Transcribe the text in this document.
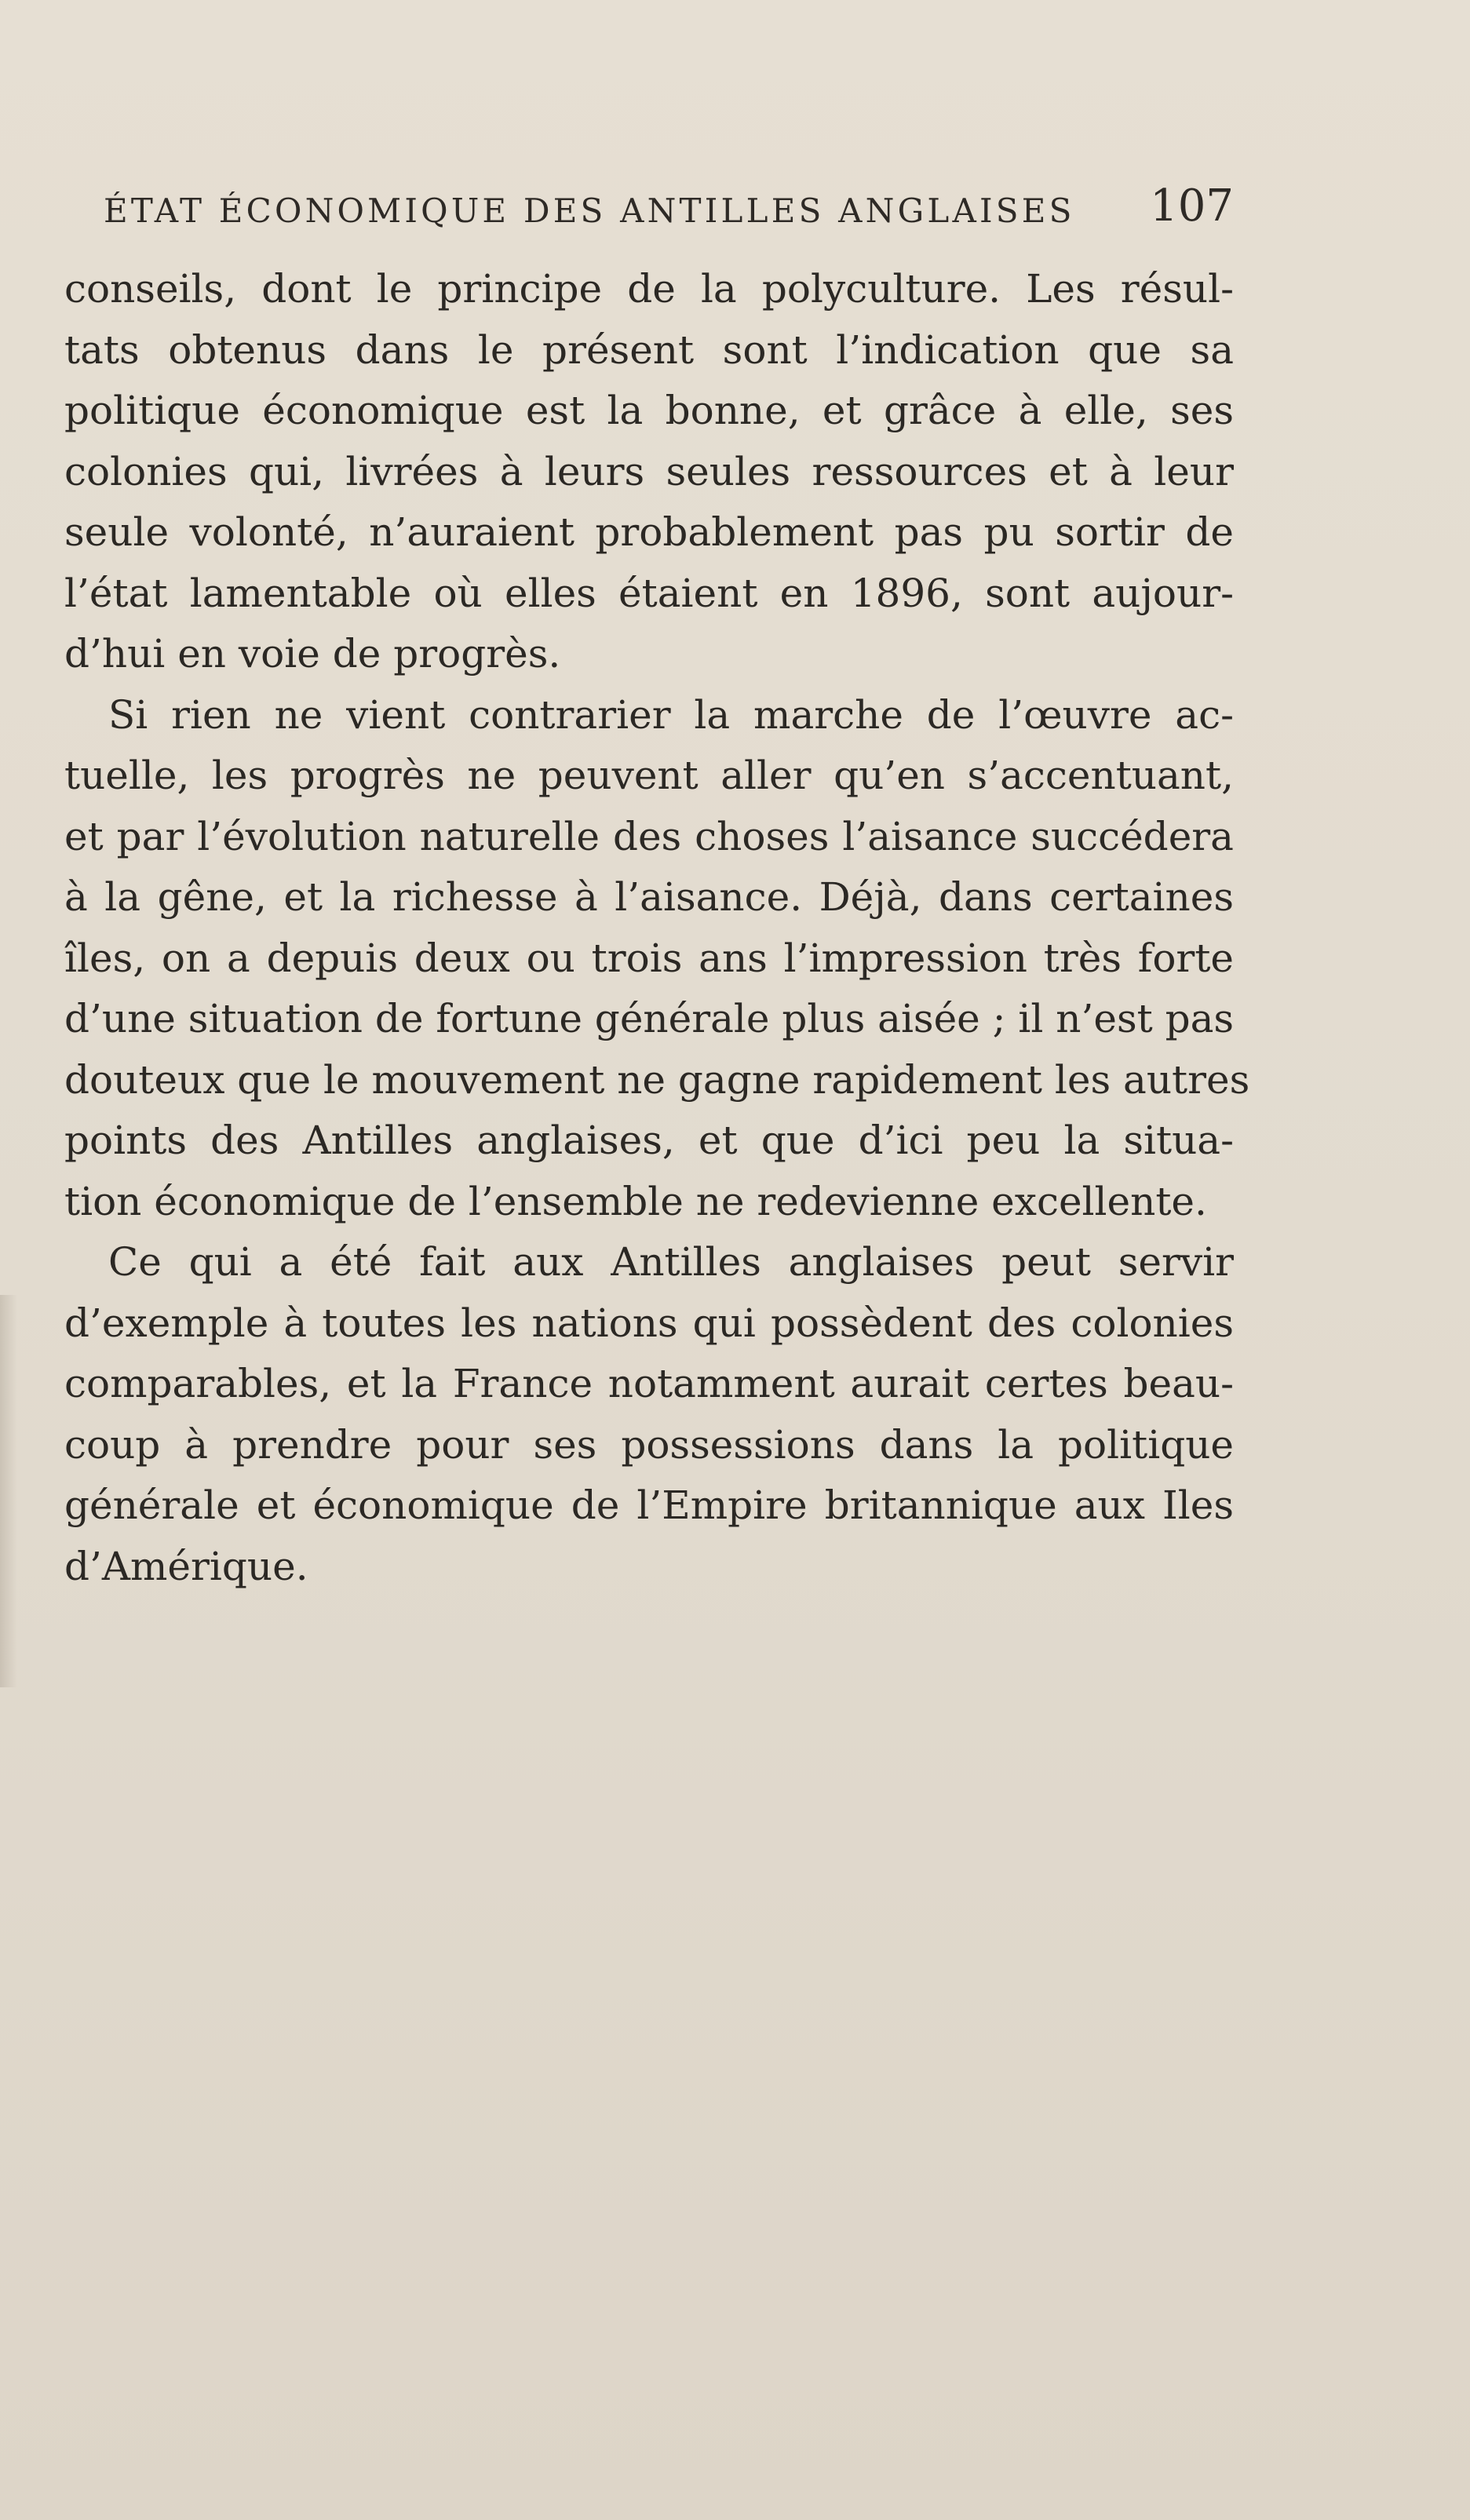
ÉTAT ÉCONOMIQUE DES ANTILLES ANGLAISES 107
conseils, dont le principe de la polyculture. Les résul-
tats obtenus dans le présent sont l’indication que sa
politique économique est la bonne, et grâce à elle, ses
colonies qui, livrées à leurs seules ressources et à leur
seule volonté, n’auraient probablement pas pu sortir de
l’état lamentable où elles étaient en 1896, sont aujour-
d’hui en voie de progrès.
Si rien ne vient contrarier la marche de l’œuvre ac-
tuelle, les progrès ne peuvent aller qu’en s’accentuant,
et par l’évolution naturelle des choses l’aisance succédera
à la gêne, et la richesse à l’aisance. Déjà, dans certaines
îles, on a depuis deux ou trois ans l’impression très forte
d’une situation de fortune générale plus aisée ; il n’est pas
douteux que le mouvement ne gagne rapidement les autres
points des Antilles anglaises, et que d’ici peu la situa-
tion économique de l’ensemble ne redevienne excellente.
Ce qui a été fait aux Antilles anglaises peut servir
d’exemple à toutes les nations qui possèdent des colonies
comparables, et la France notamment aurait certes beau-
coup à prendre pour ses possessions dans la politique
générale et économique de l’Empire britannique aux Iles
d’Amérique.
